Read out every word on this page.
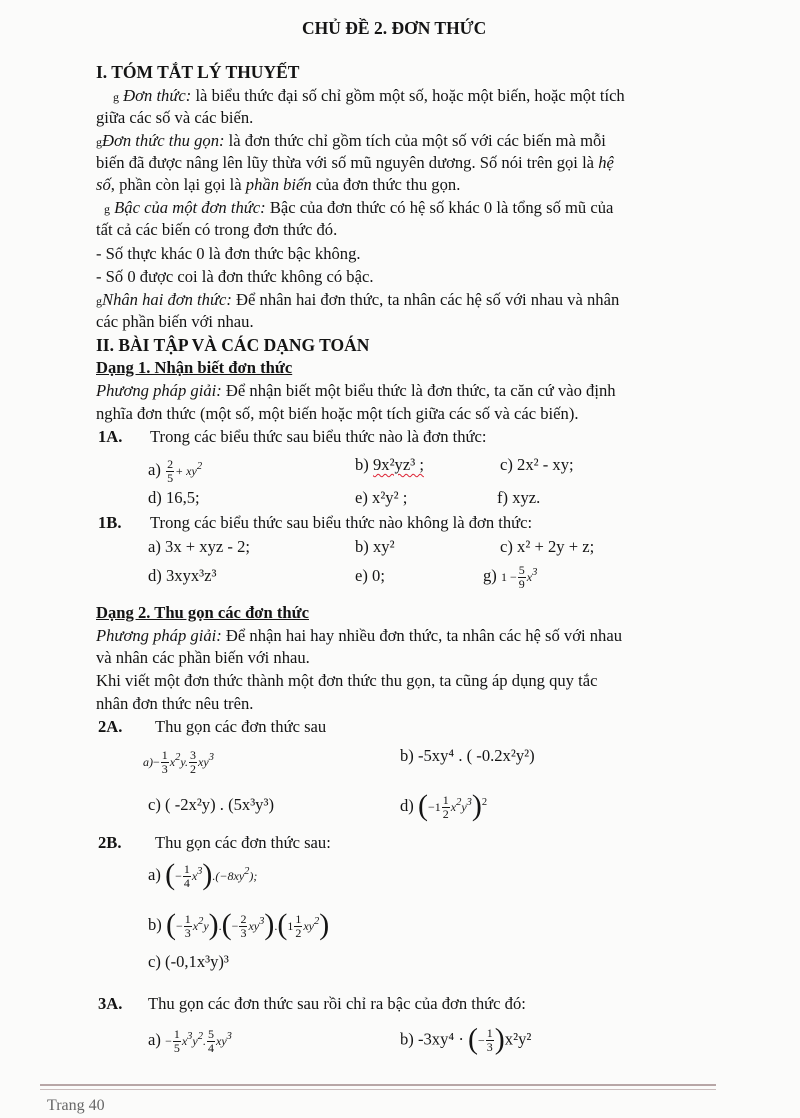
CHỦ ĐỀ 2. ĐƠN THỨC
I. TÓM TẮT LÝ THUYẾT
g Đơn thức: là biểu thức đại số chỉ gồm một số, hoặc một biến, hoặc một tích
giữa các số và các biến.
gĐơn thức thu gọn: là đơn thức chỉ gồm tích của một số với các biến mà mỗi
biến đã được nâng lên lũy thừa với số mũ nguyên dương. Số nói trên gọi là hệ
số, phần còn lại gọi là phần biến của đơn thức thu gọn.
g Bậc của một đơn thức: Bậc của đơn thức có hệ số khác 0 là tổng số mũ của
tất cả các biến có trong đơn thức đó.
- Số thực khác 0 là đơn thức bậc không.
- Số 0 được coi là đơn thức không có bậc.
gNhân hai đơn thức: Để nhân hai đơn thức, ta nhân các hệ số với nhau và nhân
các phần biến với nhau.
II. BÀI TẬP VÀ CÁC DẠNG TOÁN
Dạng 1. Nhận biết đơn thức
Phương pháp giải: Để nhận biết một biểu thức là đơn thức, ta căn cứ vào định
nghĩa đơn thức (một số, một biến hoặc một tích giữa các số và các biến).
1A. Trong các biểu thức sau biểu thức nào là đơn thức:
$a) \frac{2}{5} + xy2$	b) 9x²yz³ ;	c) 2x² - xy;
d) 16,5;	e) x²y² ;	f) xyz.
1B. Trong các biểu thức sau biểu thức nào không là đơn thức:
a) 3x + xyz - 2;	b) xy²	c) x² + 2y + z;
d) 3xyx³z³	e) 0;	g) $1 - \frac{5}{9} x3$
Dạng 2. Thu gọn các đơn thức
Phương pháp giải: Để nhận hai hay nhiều đơn thức, ta nhân các hệ số với nhau
và nhân các phần biến với nhau.
Khi viết một đơn thức thành một đơn thức thu gọn, ta cũng áp dụng quy tắc
nhân đơn thức nêu trên.
2A. Thu gọn các đơn thức sau
$a)- \frac{1}{3} x2y$. $\frac{3}{2} xy3$	b) -5xy⁴ . ( -0.2x²y²)
c) ( -2x²y) . (5x³y³)	d) $(-1 \frac{1}{2} x2y3)^2$
2B. Thu gọn các đơn thức sau:
a) (− $\frac{1}{4} x3).(-8xy2)$;
b) (− $\frac{1}{3} x2y).(- \frac{2}{3} xy3).(1 \frac{1}{2} xy2)$
c) (-0,1x³y)³
3A. Thu gọn các đơn thức sau rồi chỉ ra bậc của đơn thức đó:
$a) - \frac{1}{5} x3y2$. $\frac{5}{4} xy3$	b) -3xy⁴ · (− $\frac{1}{3} )x^2y^2$
Trang 40
